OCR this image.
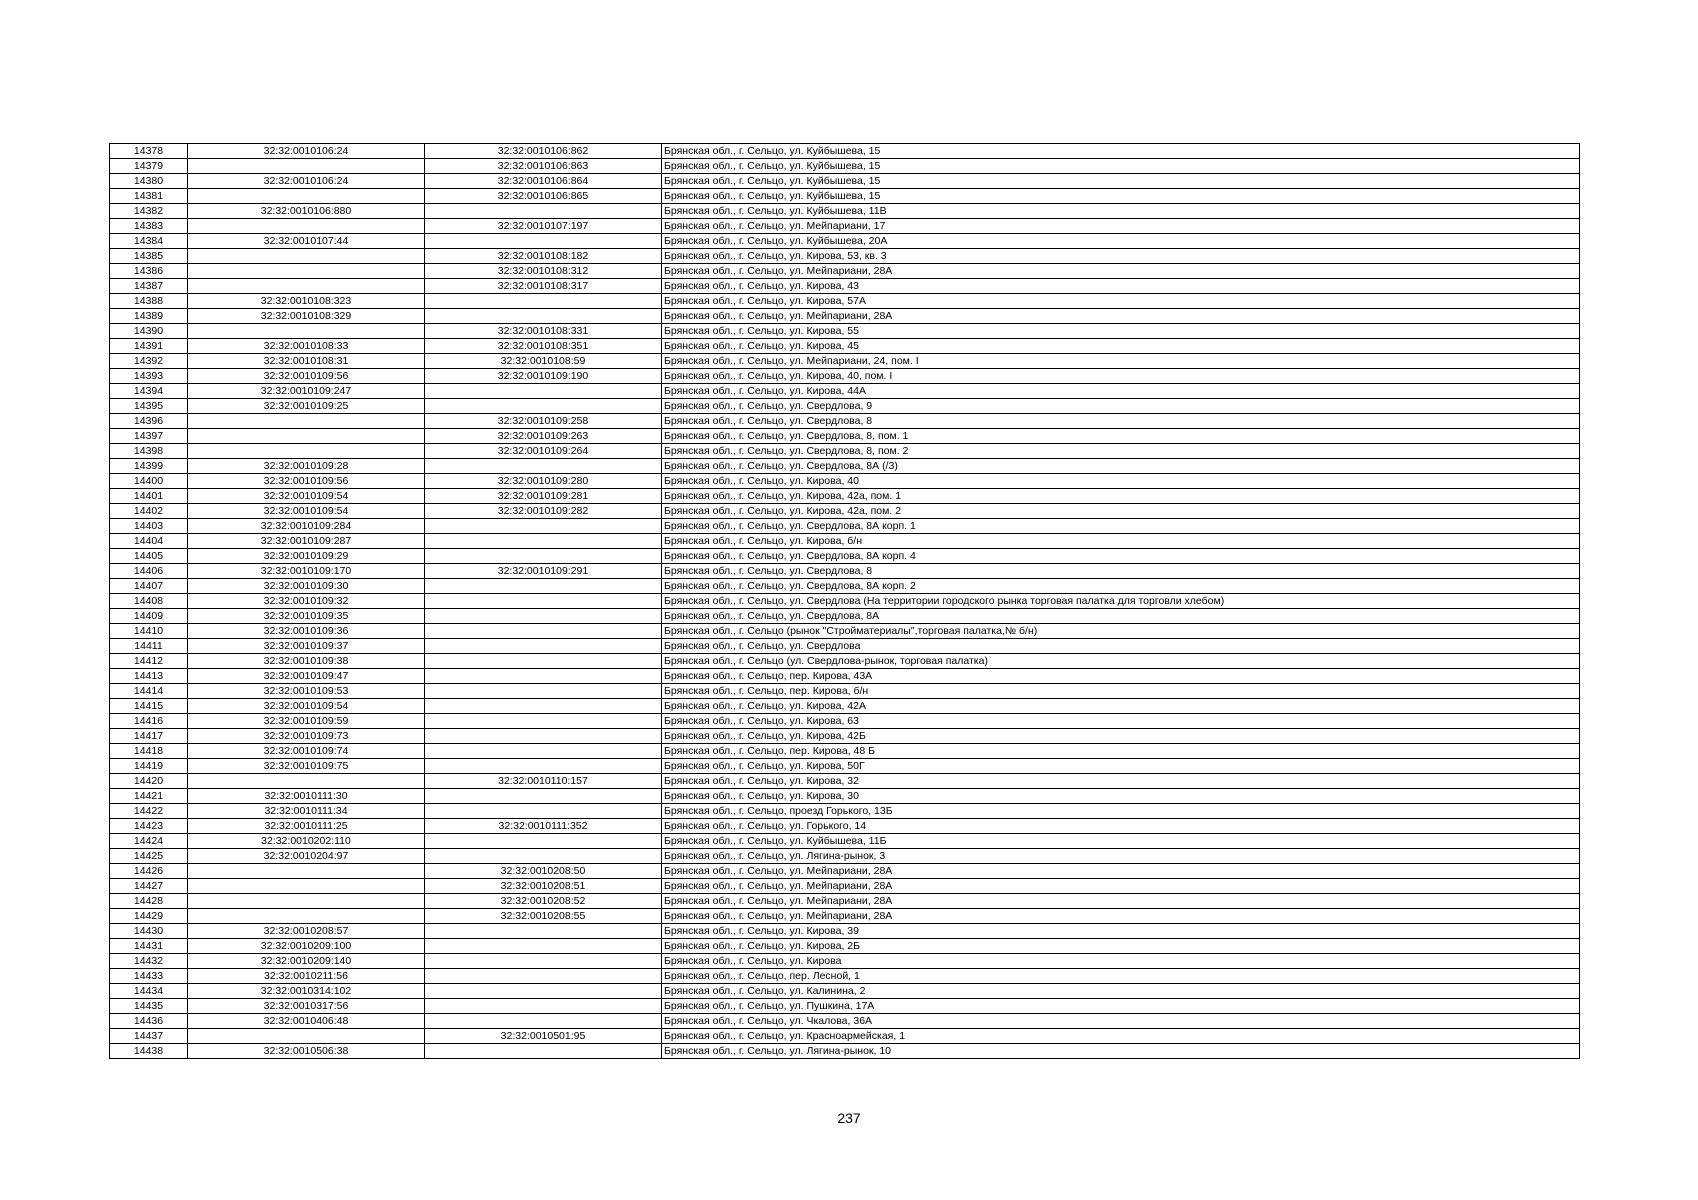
14378	32:32:0010106:24	32:32:0010106:862	Брянская обл., г. Сельцо, ул. Куйбышева, 15
14379		32:32:0010106:863	Брянская обл., г. Сельцо, ул. Куйбышева, 15
14380	32:32:0010106:24	32:32:0010106:864	Брянская обл., г. Сельцо, ул. Куйбышева, 15
14381		32:32:0010106:865	Брянская обл., г. Сельцо, ул. Куйбышева, 15
14382	32:32:0010106:880		Брянская обл., г. Сельцо, ул. Куйбышева, 11В
14383		32:32:0010107:197	Брянская обл., г. Сельцо, ул. Мейпариани, 17
14384	32:32:0010107:44		Брянская обл., г. Сельцо, ул. Куйбышева, 20А
14385		32:32:0010108:182	Брянская обл., г. Сельцо, ул. Кирова, 53, кв. 3
14386		32:32:0010108:312	Брянская обл., г. Сельцо, ул. Мейпариани, 28А
14387		32:32:0010108:317	Брянская обл., г. Сельцо, ул. Кирова, 43
14388	32:32:0010108:323		Брянская обл., г. Сельцо, ул. Кирова, 57А
14389	32:32:0010108:329		Брянская обл., г. Сельцо, ул. Мейпариани, 28А
14390		32:32:0010108:331	Брянская обл., г. Сельцо, ул. Кирова, 55
14391	32:32:0010108:33	32:32:0010108:351	Брянская обл., г. Сельцо, ул. Кирова, 45
14392	32:32:0010108:31	32:32:0010108:59	Брянская обл., г. Сельцо, ул. Мейпариани, 24, пом. I
14393	32:32:0010109:56	32:32:0010109:190	Брянская обл., г. Сельцо, ул. Кирова, 40, пом. I
14394	32:32:0010109:247		Брянская обл., г. Сельцо, ул. Кирова, 44А
14395	32:32:0010109:25		Брянская обл., г. Сельцо, ул. Свердлова, 9
14396		32:32:0010109:258	Брянская обл., г. Сельцо, ул. Свердлова, 8
14397		32:32:0010109:263	Брянская обл., г. Сельцо, ул. Свердлова, 8, пом. 1
14398		32:32:0010109:264	Брянская обл., г. Сельцо, ул. Свердлова, 8, пом. 2
14399	32:32:0010109:28		Брянская обл., г. Сельцо, ул. Свердлова, 8А (/3)
14400	32:32:0010109:56	32:32:0010109:280	Брянская обл., г. Сельцо, ул. Кирова, 40
14401	32:32:0010109:54	32:32:0010109:281	Брянская обл., г. Сельцо, ул. Кирова, 42а, пом. 1
14402	32:32:0010109:54	32:32:0010109:282	Брянская обл., г. Сельцо, ул. Кирова, 42а, пом. 2
14403	32:32:0010109:284		Брянская обл., г. Сельцо, ул. Свердлова, 8А корп. 1
14404	32:32:0010109:287		Брянская обл., г. Сельцо, ул. Кирова, б/н
14405	32:32:0010109:29		Брянская обл., г. Сельцо, ул. Свердлова, 8А корп. 4
14406	32:32:0010109:170	32:32:0010109:291	Брянская обл., г. Сельцо, ул. Свердлова, 8
14407	32:32:0010109:30		Брянская обл., г. Сельцо, ул. Свердлова, 8А корп. 2
14408	32:32:0010109:32		Брянская обл., г. Сельцо, ул. Свердлова (На территории городского рынка торговая палатка для торговли хлебом)
14409	32:32:0010109:35		Брянская обл., г. Сельцо, ул. Свердлова, 8А
14410	32:32:0010109:36		Брянская обл., г. Сельцо (рынок "Стройматериалы",торговая палатка,№ б/н)
14411	32:32:0010109:37		Брянская обл., г. Сельцо, ул. Свердлова
14412	32:32:0010109:38		Брянская обл., г. Сельцо (ул. Свердлова-рынок, торговая палатка)
14413	32:32:0010109:47		Брянская обл., г. Сельцо, пер. Кирова, 43А
14414	32:32:0010109:53		Брянская обл., г. Сельцо, пер. Кирова, б/н
14415	32:32:0010109:54		Брянская обл., г. Сельцо, ул. Кирова, 42А
14416	32:32:0010109:59		Брянская обл., г. Сельцо, ул. Кирова, 63
14417	32:32:0010109:73		Брянская обл., г. Сельцо, ул. Кирова, 42Б
14418	32:32:0010109:74		Брянская обл., г. Сельцо, пер. Кирова, 48 Б
14419	32:32:0010109:75		Брянская обл., г. Сельцо, ул. Кирова, 50Г
14420		32:32:0010110:157	Брянская обл., г. Сельцо, ул. Кирова, 32
14421	32:32:0010111:30		Брянская обл., г. Сельцо, ул. Кирова, 30
14422	32:32:0010111:34		Брянская обл., г. Сельцо, проезд Горького, 13Б
14423	32:32:0010111:25	32:32:0010111:352	Брянская обл., г. Сельцо, ул. Горького, 14
14424	32:32:0010202:110		Брянская обл., г. Сельцо, ул. Куйбышева, 11Б
14425	32:32:0010204:97		Брянская обл., г. Сельцо, ул. Лягина-рынок, 3
14426		32:32:0010208:50	Брянская обл., г. Сельцо, ул. Мейпариани, 28А
14427		32:32:0010208:51	Брянская обл., г. Сельцо, ул. Мейпариани, 28А
14428		32:32:0010208:52	Брянская обл., г. Сельцо, ул. Мейпариани, 28А
14429		32:32:0010208:55	Брянская обл., г. Сельцо, ул. Мейпариани, 28А
14430	32:32:0010208:57		Брянская обл., г. Сельцо, ул. Кирова, 39
14431	32:32:0010209:100		Брянская обл., г. Сельцо, ул. Кирова, 2Б
14432	32:32:0010209:140		Брянская обл., г. Сельцо, ул. Кирова
14433	32:32:0010211:56		Брянская обл., г. Сельцо, пер. Лесной, 1
14434	32:32:0010314:102		Брянская обл., г. Сельцо, ул. Калинина, 2
14435	32:32:0010317:56		Брянская обл., г. Сельцо, ул. Пушкина, 17А
14436	32:32:0010406:48		Брянская обл., г. Сельцо, ул. Чкалова, 36А
14437		32:32:0010501:95	Брянская обл., г. Сельцо, ул. Красноармейская, 1
14438	32:32:0010506:38		Брянская обл., г. Сельцо, ул. Лягина-рынок, 10
237
